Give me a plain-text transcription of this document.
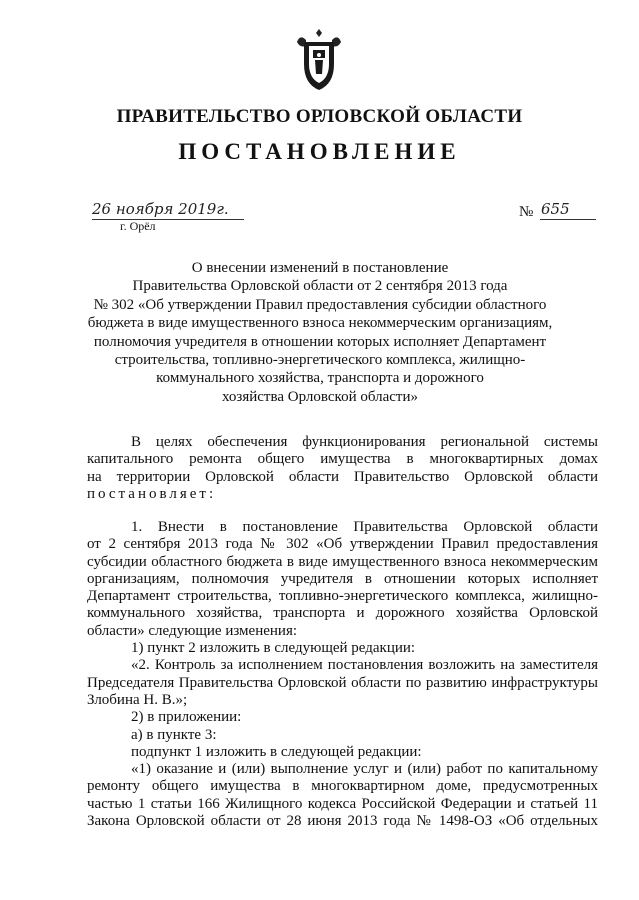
ПРАВИТЕЛЬСТВО ОРЛОВСКОЙ ОБЛАСТИ
ПОСТАНОВЛЕНИЕ
26 ноября 2019г.
г. Орёл
№ 655
О внесении изменений в постановление
Правительства Орловской области от 2 сентября 2013 года
№ 302 «Об утверждении Правил предоставления субсидии областного
бюджета в виде имущественного взноса некоммерческим организациям,
полномочия учредителя в отношении которых исполняет Департамент
строительства, топливно-энергетического комплекса, жилищно-
коммунального хозяйства, транспорта и дорожного
хозяйства Орловской области»
В целях обеспечения функционирования региональной системы
капитального ремонта общего имущества в многоквартирных домах
на территории Орловской области Правительство Орловской области
постановляет:
1. Внести в постановление Правительства Орловской области
от 2 сентября 2013 года № 302 «Об утверждении Правил предоставления
субсидии областного бюджета в виде имущественного взноса некоммерческим
организациям, полномочия учредителя в отношении которых исполняет
Департамент строительства, топливно-энергетического комплекса, жилищно-
коммунального хозяйства, транспорта и дорожного хозяйства Орловской
области» следующие изменения:
1) пункт 2 изложить в следующей редакции:
«2. Контроль за исполнением постановления возложить на заместителя
Председателя Правительства Орловской области по развитию инфраструктуры
Злобина Н. В.»;
2) в приложении:
а) в пункте 3:
подпункт 1 изложить в следующей редакции:
«1) оказание и (или) выполнение услуг и (или) работ по капитальному
ремонту общего имущества в многоквартирном доме, предусмотренных
частью 1 статьи 166 Жилищного кодекса Российской Федерации и статьей 11
Закона Орловской области от 28 июня 2013 года № 1498-ОЗ «Об отдельных
